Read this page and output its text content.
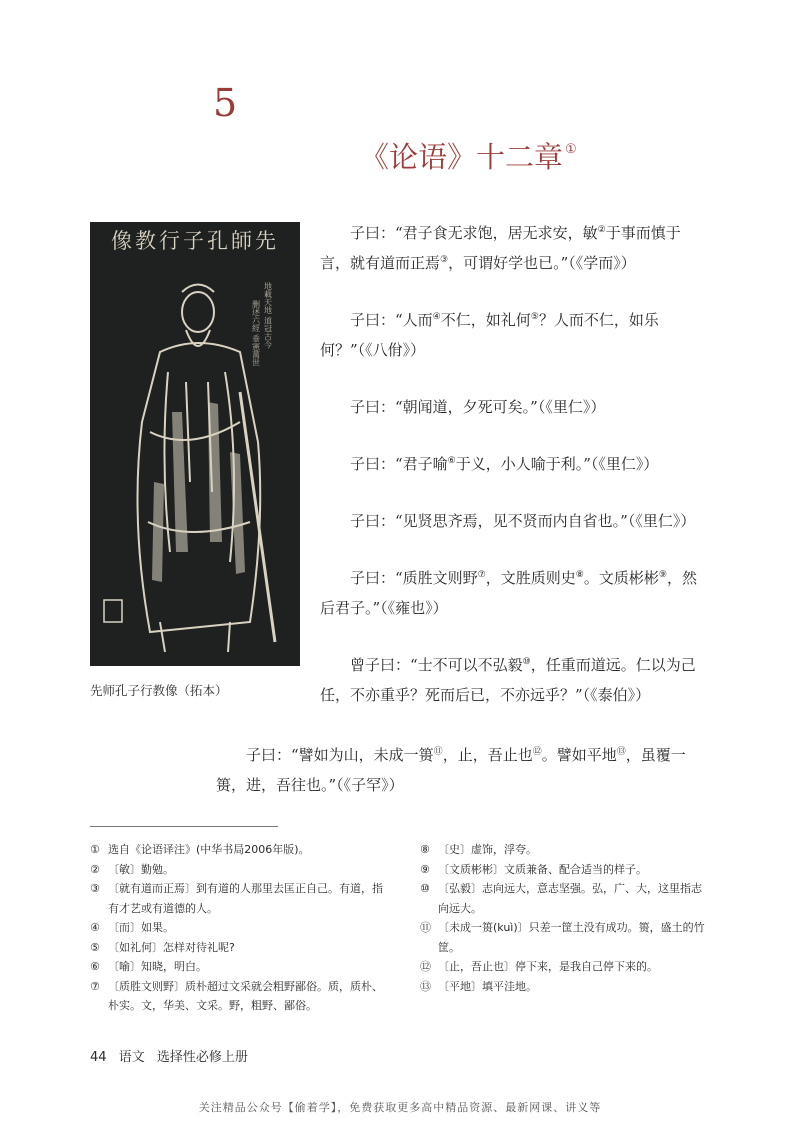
5
《论语》十二章 ①
像教行子孔師先
地載天地 道冠古今
删述六經 垂憲萬世
先师孔子行教像（拓本）

子曰：“君子食无求饱，居无求安，敏②于事而慎于言，就有道而正焉③，可谓好学也已。”（《学而》）

子曰：“人而④不仁，如礼何⑤？人而不仁，如乐何？”（《八佾》）

子曰：“朝闻道，夕死可矣。”（《里仁》）

子曰：“君子喻⑥于义，小人喻于利。”（《里仁》）

子曰：“见贤思齐焉，见不贤而内自省也。”（《里仁》）

子曰：“质胜文则野⑦，文胜质则史⑧。文质彬彬⑨，然后君子。”（《雍也》）

曾子曰：“士不可以不弘毅⑩，任重而道远。仁以为己任，不亦重乎？死而后已，不亦远乎？”（《泰伯》）

子曰：“譬如为山，未成一篑⑪，止，吾止也⑫。譬如平地⑬，虽覆一篑，进，吾往也。”（《子罕》）

① 选自《论语译注》(中华书局2006年版)。
② 〔敏〕勤勉。
③ 〔就有道而正焉〕到有道的人那里去匡正自己。有道，指有才艺或有道德的人。
④ 〔而〕如果。
⑤ 〔如礼何〕怎样对待礼呢?
⑥ 〔喻〕知晓，明白。
⑦ 〔质胜文则野〕质朴超过文采就会粗野鄙俗。质，质朴、朴实。文，华美、文采。野，粗野、鄙俗。
⑧ 〔史〕虚饰，浮夸。
⑨ 〔文质彬彬〕文质兼备、配合适当的样子。
⑩ 〔弘毅〕志向远大，意志坚强。弘，广、大，这里指志向远大。
⑪ 〔未成一篑(kuì)〕只差一筐土没有成功。篑，盛土的竹筐。
⑫ 〔止，吾止也〕停下来，是我自己停下来的。
⑬ 〔平地〕填平洼地。
44 语文 选择性必修上册
关注精品公众号【偷着学】，免费获取更多高中精品资源、最新网课、讲义等
